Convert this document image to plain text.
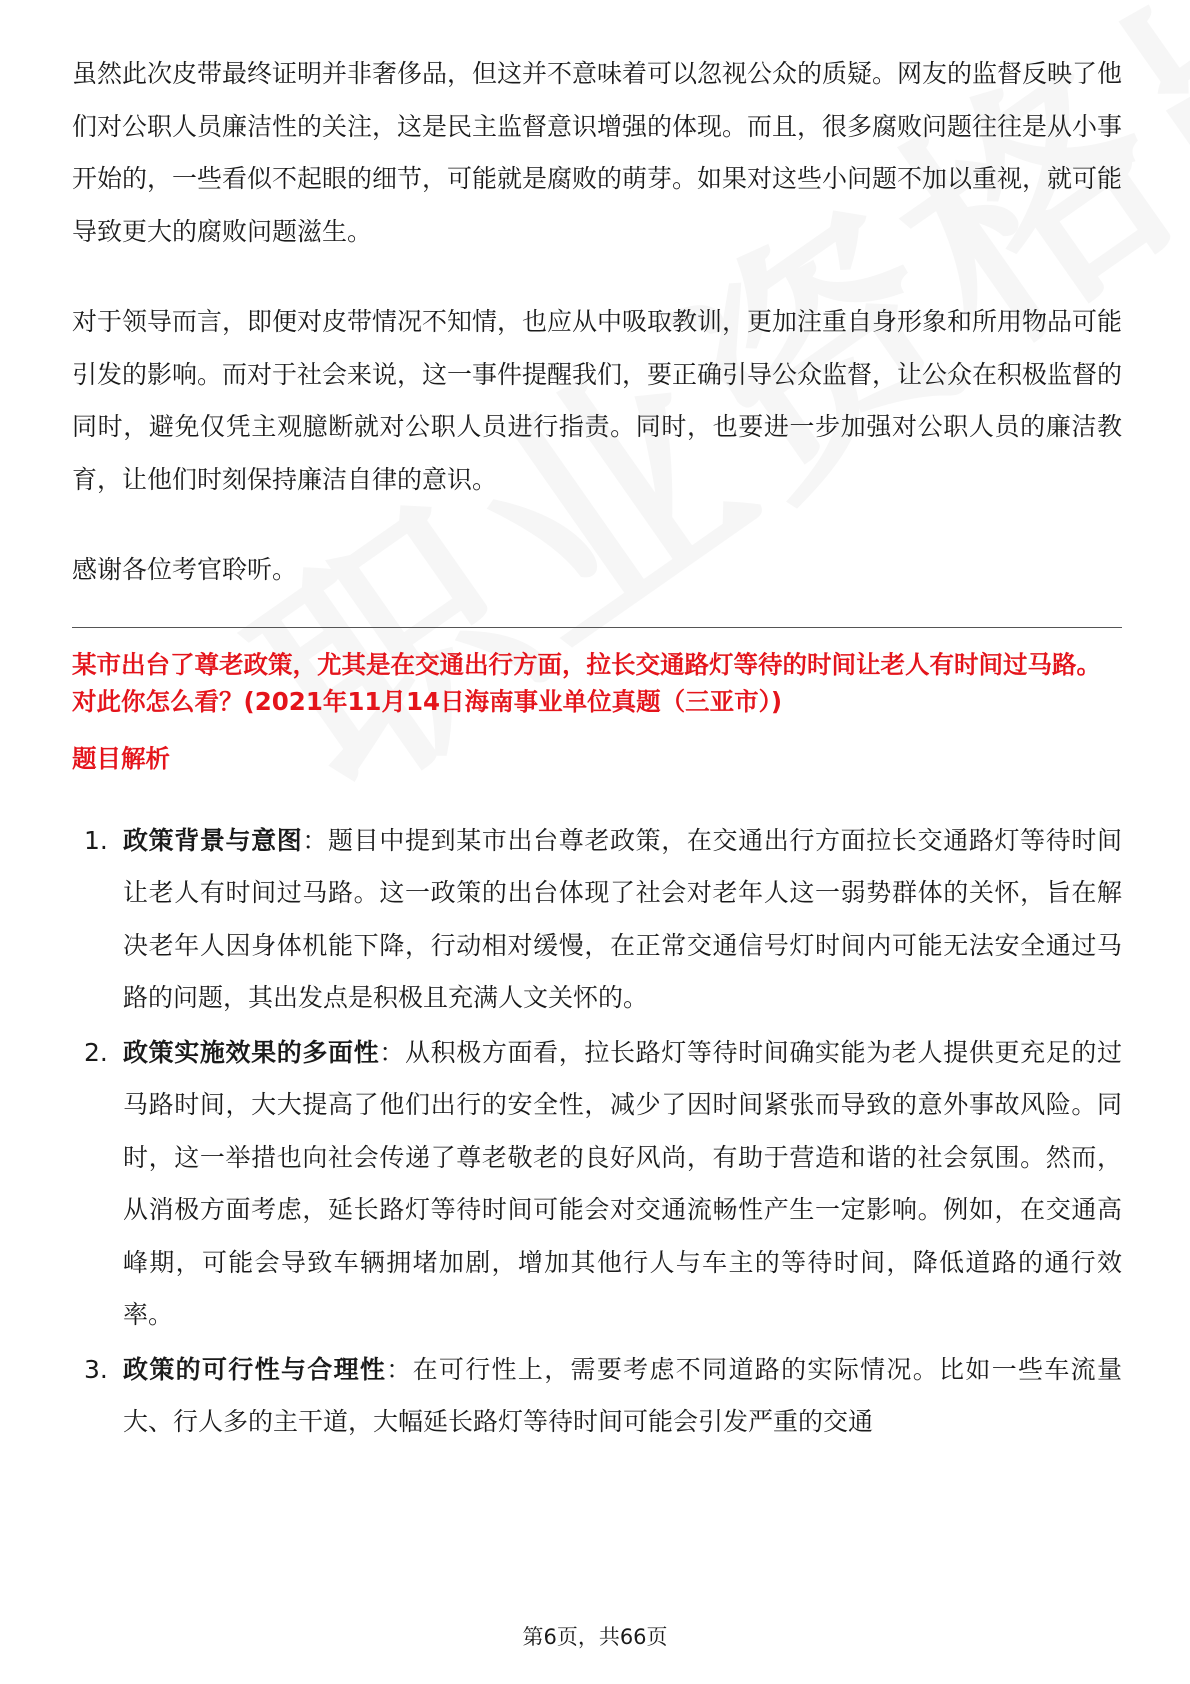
虽然此次皮带最终证明并非奢侈品，但这并不意味着可以忽视公众的质疑。网友的监督反映了他们对公职人员廉洁性的关注，这是民主监督意识增强的体现。而且，很多腐败问题往往是从小事开始的，一些看似不起眼的细节，可能就是腐败的萌芽。如果对这些小问题不加以重视，就可能导致更大的腐败问题滋生。

对于领导而言，即便对皮带情况不知情，也应从中吸取教训，更加注重自身形象和所用物品可能引发的影响。而对于社会来说，这一事件提醒我们，要正确引导公众监督，让公众在积极监督的同时，避免仅凭主观臆断就对公职人员进行指责。同时，也要进一步加强对公职人员的廉洁教育，让他们时刻保持廉洁自律的意识。

感谢各位考官聆听。

某市出台了尊老政策，尤其是在交通出行方面，拉长交通路灯等待的时间让老人有时间过马路。对此你怎么看？(2021年11月14日海南事业单位真题（三亚市）)
题目解析
1. 政策背景与意图：题目中提到某市出台尊老政策，在交通出行方面拉长交通路灯等待时间让老人有时间过马路。这一政策的出台体现了社会对老年人这一弱势群体的关怀，旨在解决老年人因身体机能下降，行动相对缓慢，在正常交通信号灯时间内可能无法安全通过马路的问题，其出发点是积极且充满人文关怀的。
2. 政策实施效果的多面性：从积极方面看，拉长路灯等待时间确实能为老人提供更充足的过马路时间，大大提高了他们出行的安全性，减少了因时间紧张而导致的意外事故风险。同时，这一举措也向社会传递了尊老敬老的良好风尚，有助于营造和谐的社会氛围。然而，从消极方面考虑，延长路灯等待时间可能会对交通流畅性产生一定影响。例如，在交通高峰期，可能会导致车辆拥堵加剧，增加其他行人与车主的等待时间，降低道路的通行效率。
3. 政策的可行性与合理性：在可行性上，需要考虑不同道路的实际情况。比如一些车流量大、行人多的主干道，大幅延长路灯等待时间可能会引发严重的交通
第6页，共66页
